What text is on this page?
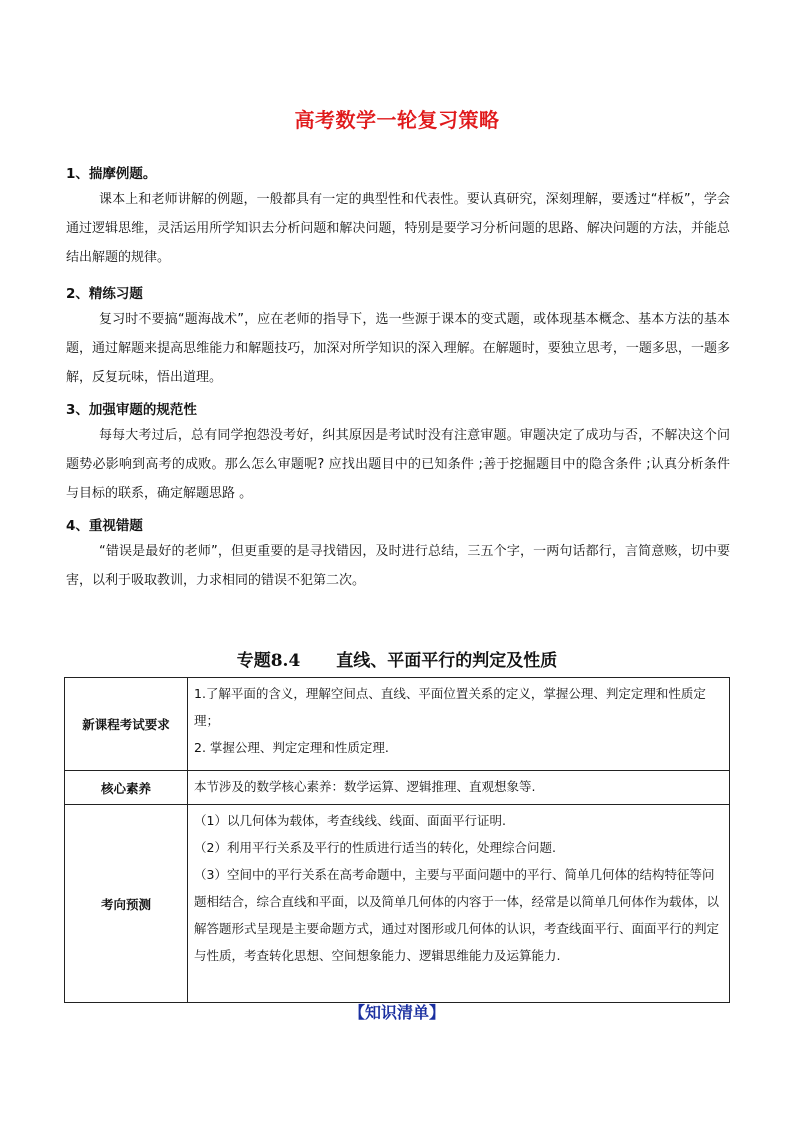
高考数学一轮复习策略
1、揣摩例题。
课本上和老师讲解的例题，一般都具有一定的典型性和代表性。要认真研究，深刻理解，要透过“样板”，学会通过逻辑思维，灵活运用所学知识去分析问题和解决问题，特别是要学习分析问题的思路、解决问题的方法，并能总结出解题的规律。
2、精练习题
复习时不要搞“题海战术”，应在老师的指导下，选一些源于课本的变式题，或体现基本概念、基本方法的基本题，通过解题来提高思维能力和解题技巧，加深对所学知识的深入理解。在解题时，要独立思考，一题多思，一题多解，反复玩味，悟出道理。
3、加强审题的规范性
每每大考过后，总有同学抱怨没考好，纠其原因是考试时没有注意审题。审题决定了成功与否，不解决这个问题势必影响到高考的成败。那么怎么审题呢? 应找出题目中的已知条件 ;善于挖掘题目中的隐含条件 ;认真分析条件与目标的联系，确定解题思路 。
4、重视错题
“错误是最好的老师”，但更重要的是寻找错因，及时进行总结，三五个字，一两句话都行，言简意赅，切中要害，以利于吸取教训，力求相同的错误不犯第二次。
专题8.4 直线、平面平行的判定及性质
新课程考试要求	1.了解平面的含义，理解空间点、直线、平面位置关系的定义，掌握公理、判定定理和性质定理；
2. 掌握公理、判定定理和性质定理.

核心素养	本节涉及的数学核心素养：数学运算、逻辑推理、直观想象等.

考向预测	（1）以几何体为载体，考查线线、线面、面面平行证明.
（2）利用平行关系及平行的性质进行适当的转化，处理综合问题.
（3）空间中的平行关系在高考命题中，主要与平面问题中的平行、简单几何体的结构特征等问题相结合，综合直线和平面，以及简单几何体的内容于一体，经常是以简单几何体作为载体，以解答题形式呈现是主要命题方式，通过对图形或几何体的认识，考查线面平行、面面平行的判定与性质，考查转化思想、空间想象能力、逻辑思维能力及运算能力.
【知识清单】
